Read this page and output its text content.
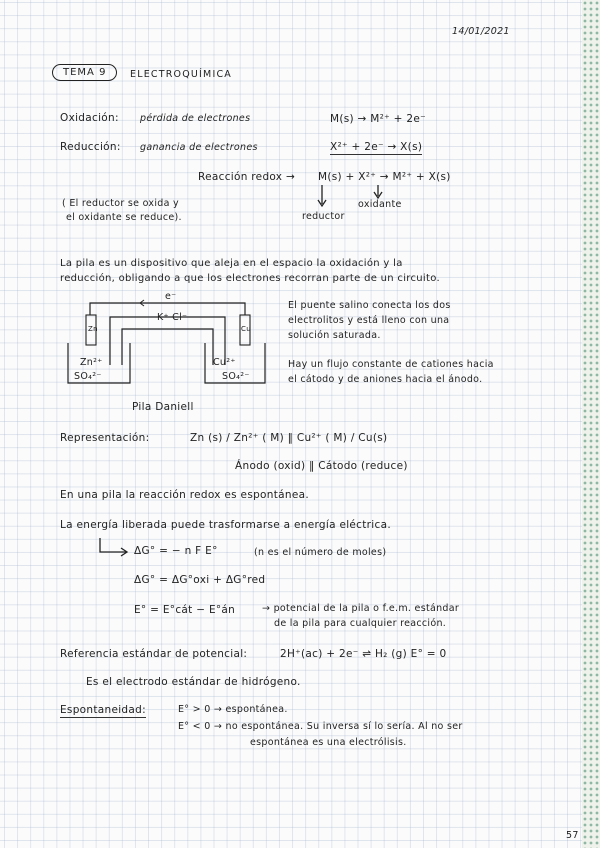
14/01/2021
TEMA 9	ELECTROQUÍMICA
Oxidación: pérdida de electrones	M(s) → M²⁺ + 2e⁻
Reducción: ganancia de electrones	X²⁺ + 2e⁻ → X(s)
Reacción redox → M(s) + X²⁺ → M²⁺ + X(s)
( El reductor se oxida y
el oxidante se reduce).	reductor
oxidante
La pila es un dispositivo que aleja en el espacio la oxidación y la
reducción, obligando a que los electrones recorran parte de un circuito.
e⁻
K⁺ Cl⁻
Zn	Cu
Zn²⁺	Cu²⁺
SO₄²⁻	SO₄²⁻
Pila Daniell
El puente salino conecta los dos
electrolitos y está lleno con una
solución saturada.
Hay un flujo constante de cationes hacia
el cátodo y de aniones hacia el ánodo.
Representación:	Zn (s) / Zn²⁺ ( M) ‖ Cu²⁺ ( M) / Cu(s)
Ánodo (oxid) ‖ Cátodo (reduce)
En una pila la reacción redox es espontánea.
La energía liberada puede trasformarse a energía eléctrica.
ΔG° = − n F E°	(n es el número de moles)
ΔG° = ΔG°oxi + ΔG°red
E° = E°cát − E°án	→ potencial de la pila o f.e.m. estándar
de la pila para cualquier reacción.
Referencia estándar de potencial:	2H⁺(ac) + 2e⁻ ⇌ H₂ (g) E° = 0
Es el electrodo estándar de hidrógeno.
Espontaneidad:	E° > 0 → espontánea.
E° < 0 → no espontánea. Su inversa sí lo sería. Al no ser
espontánea es una electrólisis.
57
